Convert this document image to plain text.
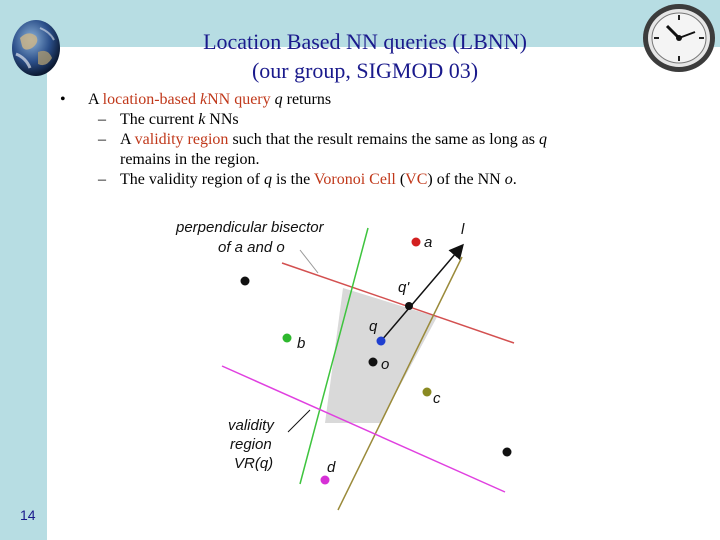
Location Based NN queries (LBNN)
(our group, SIGMOD 03)
• A location-based kNN query q returns
– The current k NNs
– A validity region such that the result remains the same as long as q
remains in the region.
– The validity region of q is the Voronoi Cell (VC) of the NN o.
perpendicular bisector
of a and o
validity
region
VR(q)
a
l
q'
q
b
o
c
d
14
